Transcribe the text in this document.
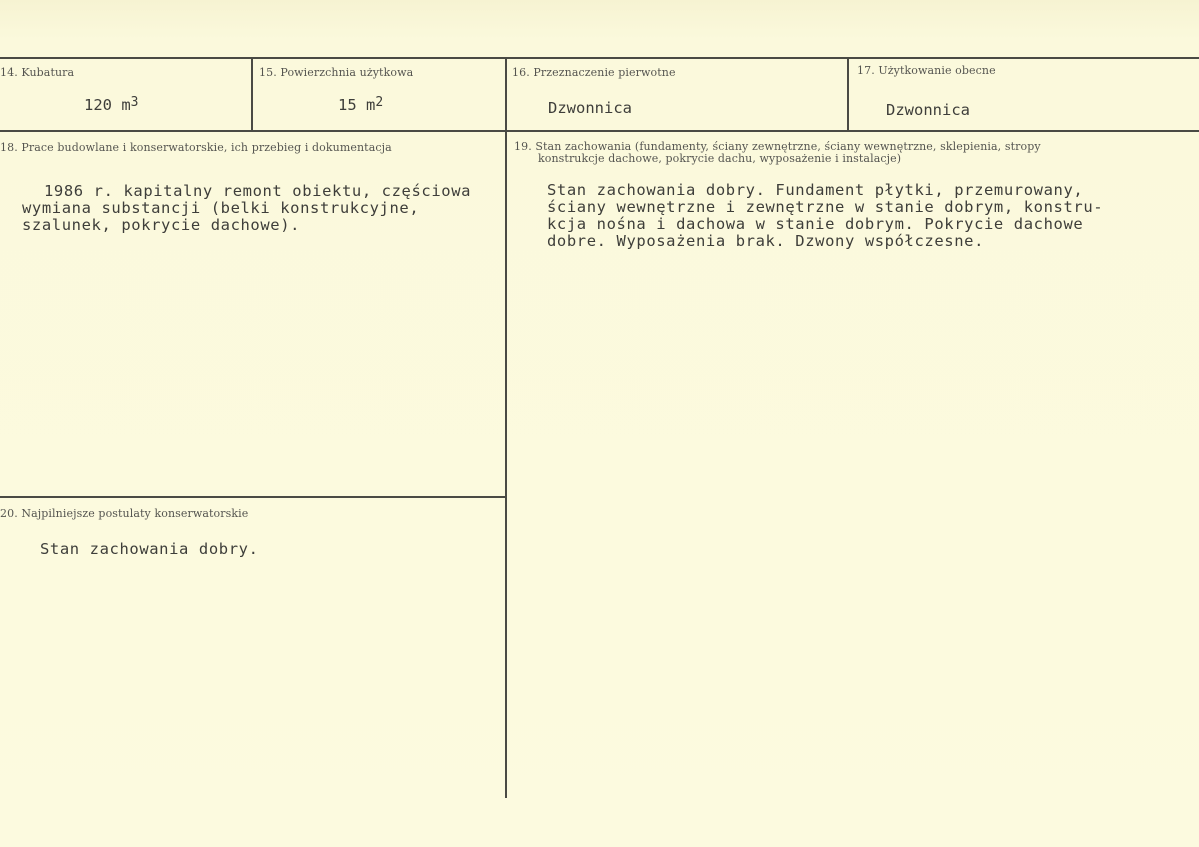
14. Kubatura
120 $m^3$
15. Powierzchnia użytkowa
15 $m^2$
16. Przeznaczenie pierwotne
Dzwonnica
17. Użytkowanie obecne
Dzwonnica
18. Prace budowlane i konserwatorskie, ich przebieg i dokumentacja
1986 r. kapitalny remont obiektu, częściowa
wymiana substancji (belki konstrukcyjne,
szalunek, pokrycie dachowe).
19. Stan zachowania (fundamenty, ściany zewnętrzne, ściany wewnętrzne, sklepienia, stropy
konstrukcje dachowe, pokrycie dachu, wyposażenie i instalacje)
Stan zachowania dobry. Fundament płytki, przemurowany,
ściany wewnętrzne i zewnętrzne w stanie dobrym, konstru-
kcja nośna i dachowa w stanie dobrym. Pokrycie dachowe
dobre. Wyposażenia brak. Dzwony współczesne.
20. Najpilniejsze postulaty konserwatorskie
Stan zachowania dobry.
